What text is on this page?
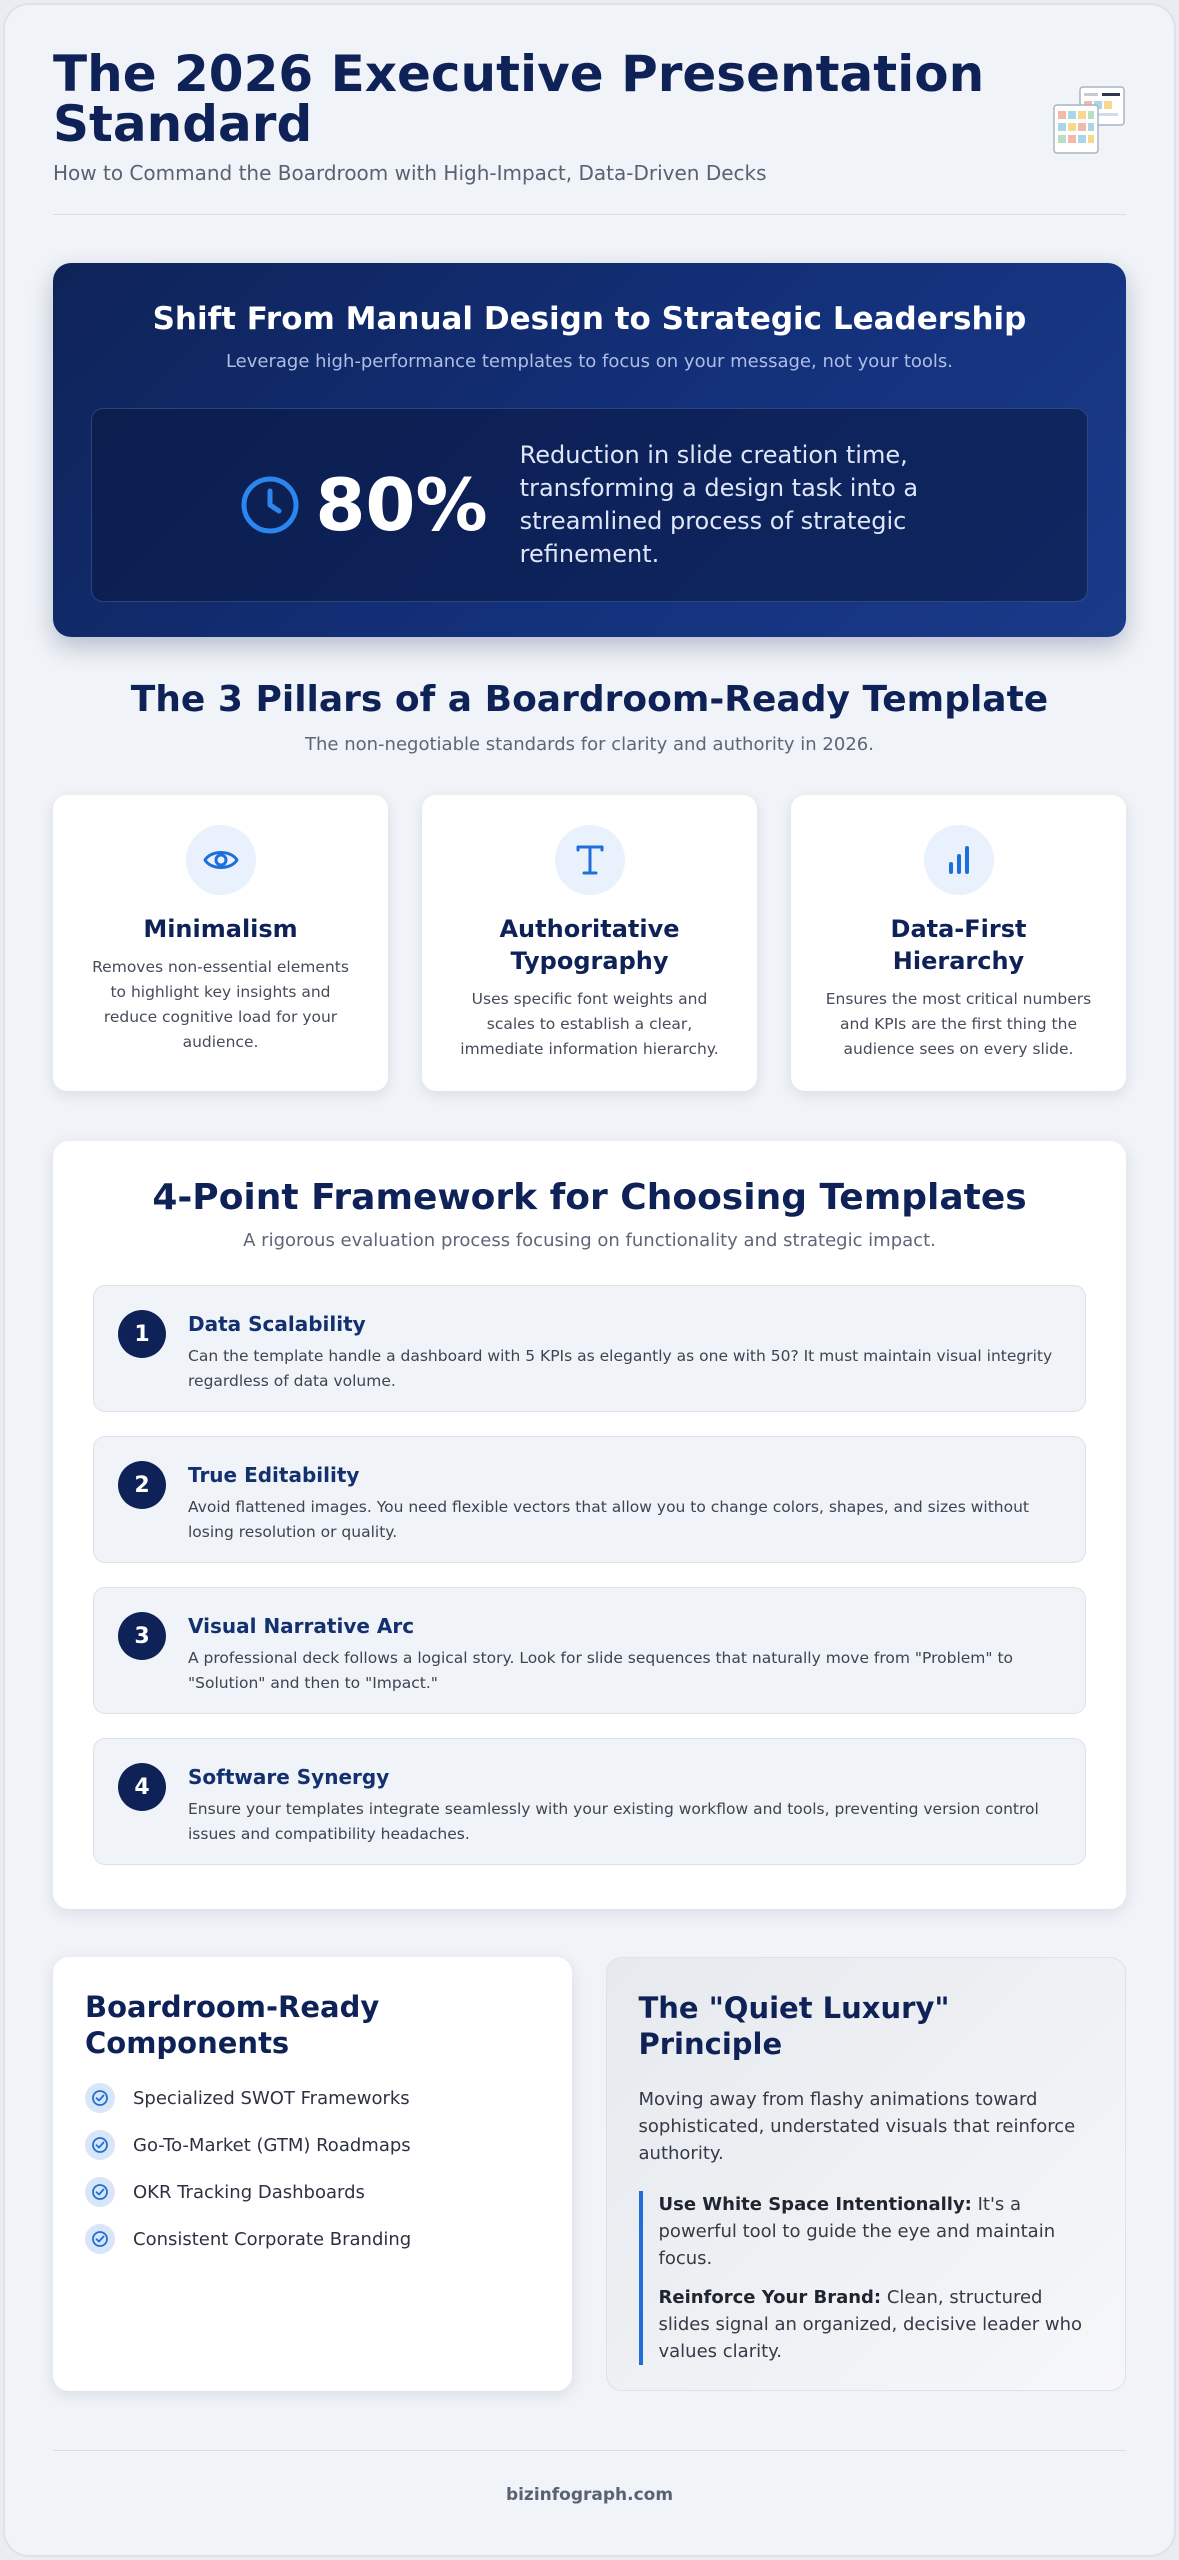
The 2026 Executive Presentation Standard
How to Command the Boardroom with High-Impact, Data-Driven Decks
Shift From Manual Design to Strategic Leadership
Leverage high-performance templates to focus on your message, not your tools.
80%
Reduction in slide creation time, transforming a design task into a streamlined process of strategic refinement.
The 3 Pillars of a Boardroom-Ready Template
The non-negotiable standards for clarity and authority in 2026.
Minimalism
Removes non-essential elements to highlight key insights and reduce cognitive load for your audience.
Authoritative Typography
Uses specific font weights and scales to establish a clear, immediate information hierarchy.
Data-First Hierarchy
Ensures the most critical numbers and KPIs are the first thing the audience sees on every slide.
4-Point Framework for Choosing Templates
A rigorous evaluation process focusing on functionality and strategic impact.
1	Data Scalability
Can the template handle a dashboard with 5 KPIs as elegantly as one with 50? It must maintain visual integrity regardless of data volume.
2	True Editability
Avoid flattened images. You need flexible vectors that allow you to change colors, shapes, and sizes without losing resolution or quality.
3	Visual Narrative Arc
A professional deck follows a logical story. Look for slide sequences that naturally move from "Problem" to "Solution" and then to "Impact."
4	Software Synergy
Ensure your templates integrate seamlessly with your existing workflow and tools, preventing version control issues and compatibility headaches.
Boardroom-Ready Components
Specialized SWOT Frameworks
Go-To-Market (GTM) Roadmaps
OKR Tracking Dashboards
Consistent Corporate Branding
The "Quiet Luxury" Principle
Moving away from flashy animations toward sophisticated, understated visuals that reinforce authority.
Use White Space Intentionally: It's a powerful tool to guide the eye and maintain focus.
Reinforce Your Brand: Clean, structured slides signal an organized, decisive leader who values clarity.
bizinfograph.com
